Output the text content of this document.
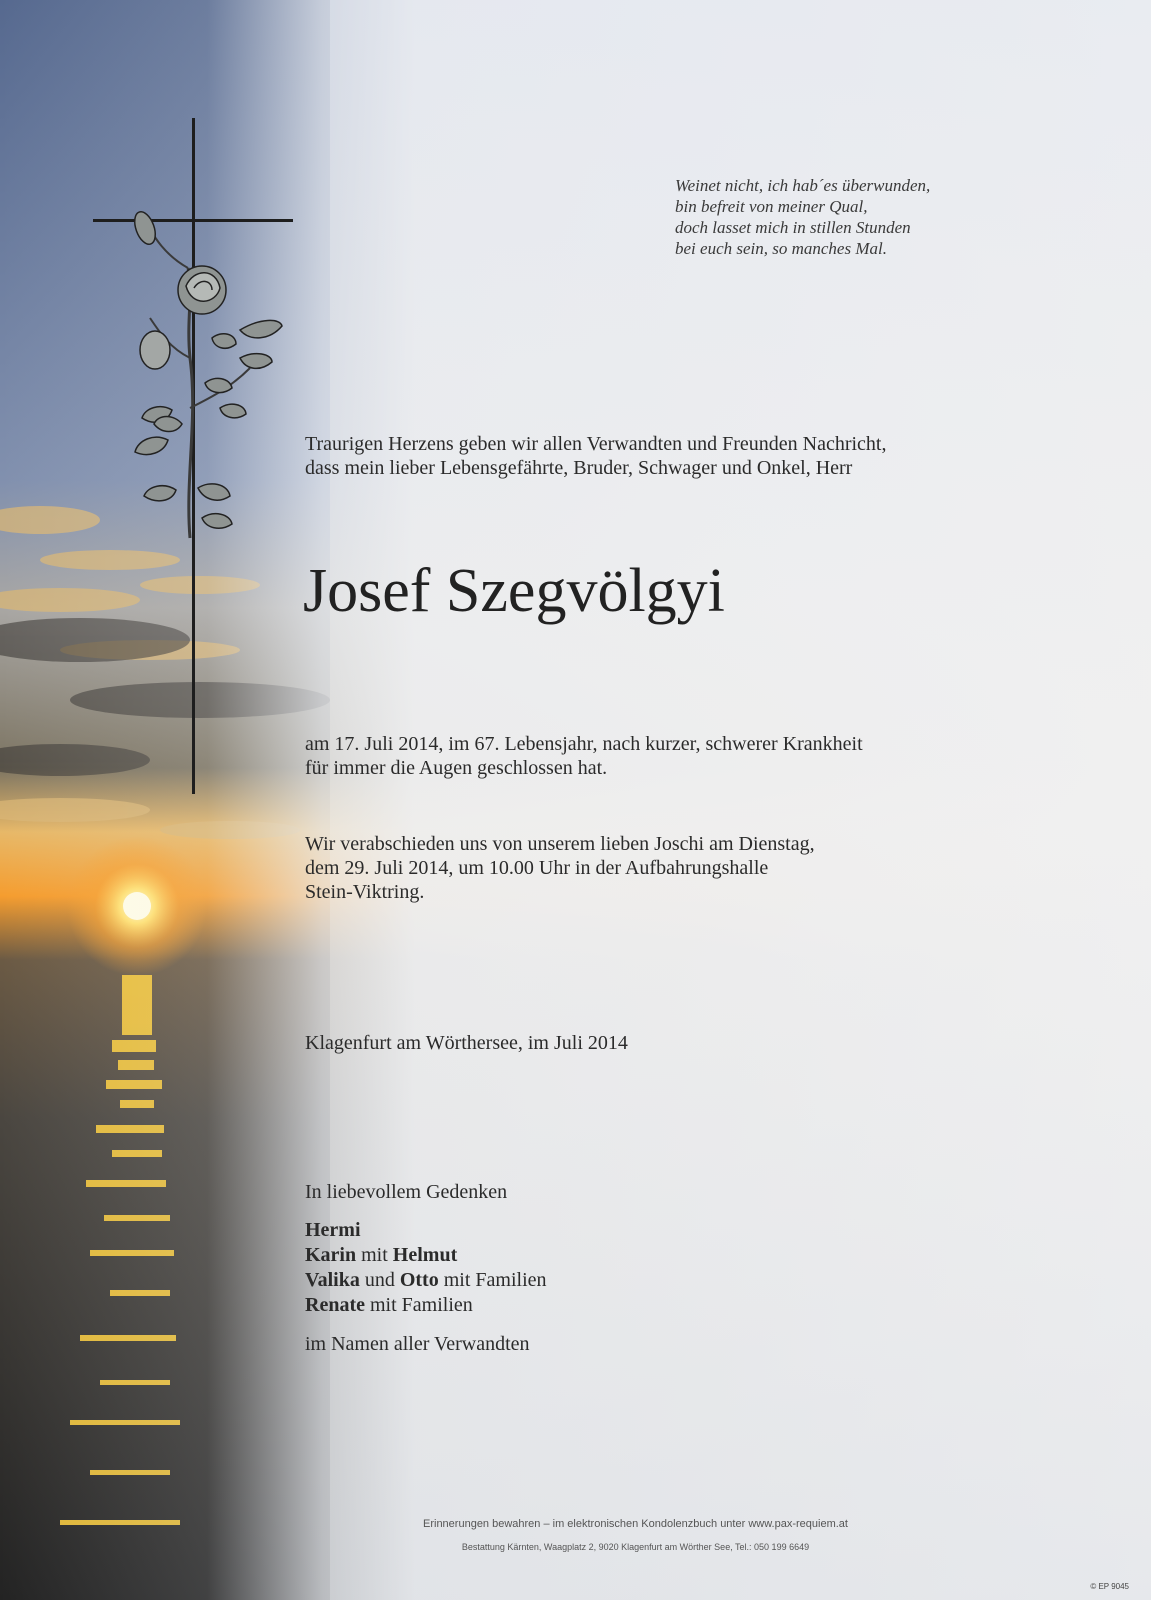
Weinet nicht, ich hab´es überwunden,
bin befreit von meiner Qual,
doch lasset mich in stillen Stunden
bei euch sein, so manches Mal.
Traurigen Herzens geben wir allen Verwandten und Freunden Nachricht,
dass mein lieber Lebensgefährte, Bruder, Schwager und Onkel, Herr
Josef Szegvölgyi
am 17. Juli 2014, im 67. Lebensjahr, nach kurzer, schwerer Krankheit
für immer die Augen geschlossen hat.
Wir verabschieden uns von unserem lieben Joschi am Dienstag,
dem 29. Juli 2014, um 10.00 Uhr in der Aufbahrungshalle
Stein-Viktring.
Klagenfurt am Wörthersee, im Juli 2014
In liebevollem Gedenken
Hermi
Karin mit Helmut
Valika und Otto mit Familien
Renate mit Familien
im Namen aller Verwandten
Erinnerungen bewahren – im elektronischen Kondolenzbuch unter www.pax-requiem.at
Bestattung Kärnten, Waagplatz 2, 9020 Klagenfurt am Wörther See, Tel.: 050 199 6649
© EP 9045
